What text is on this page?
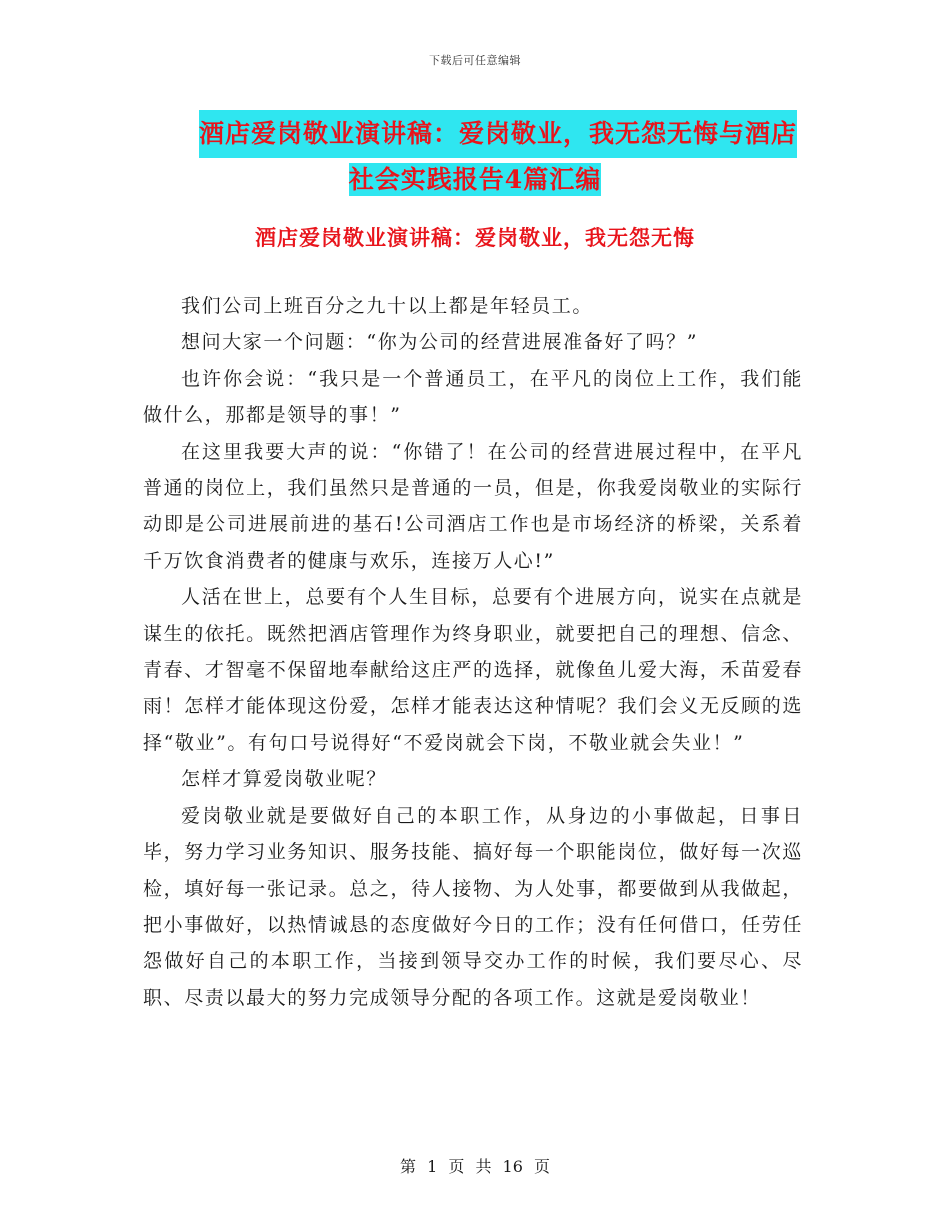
下载后可任意编辑
酒店爱岗敬业演讲稿：爱岗敬业，我无怨无悔与酒店
社会实践报告4篇汇编
酒店爱岗敬业演讲稿：爱岗敬业，我无怨无悔

我们公司上班百分之九十以上都是年轻员工。

想问大家一个问题：“你为公司的经营进展准备好了吗？”

也许你会说：“我只是一个普通员工，在平凡的岗位上工作，我们能做什么，那都是领导的事！”

在这里我要大声的说：“你错了！在公司的经营进展过程中，在平凡普通的岗位上，我们虽然只是普通的一员，但是，你我爱岗敬业的实际行动即是公司进展前进的基石!公司酒店工作也是市场经济的桥梁，关系着千万饮食消费者的健康与欢乐，连接万人心!”

人活在世上，总要有个人生目标，总要有个进展方向，说实在点就是谋生的依托。既然把酒店管理作为终身职业，就要把自己的理想、信念、青春、才智毫不保留地奉献给这庄严的选择，就像鱼儿爱大海，禾苗爱春雨！怎样才能体现这份爱，怎样才能表达这种情呢？我们会义无反顾的选择“敬业”。有句口号说得好“不爱岗就会下岗，不敬业就会失业！”

怎样才算爱岗敬业呢？

爱岗敬业就是要做好自己的本职工作，从身边的小事做起，日事日毕，努力学习业务知识、服务技能、搞好每一个职能岗位，做好每一次巡检，填好每一张记录。总之，待人接物、为人处事，都要做到从我做起，把小事做好，以热情诚恳的态度做好今日的工作；没有任何借口，任劳任怨做好自己的本职工作，当接到领导交办工作的时候，我们要尽心、尽职、尽责以最大的努力完成领导分配的各项工作。这就是爱岗敬业！

第 1 页 共 16 页
